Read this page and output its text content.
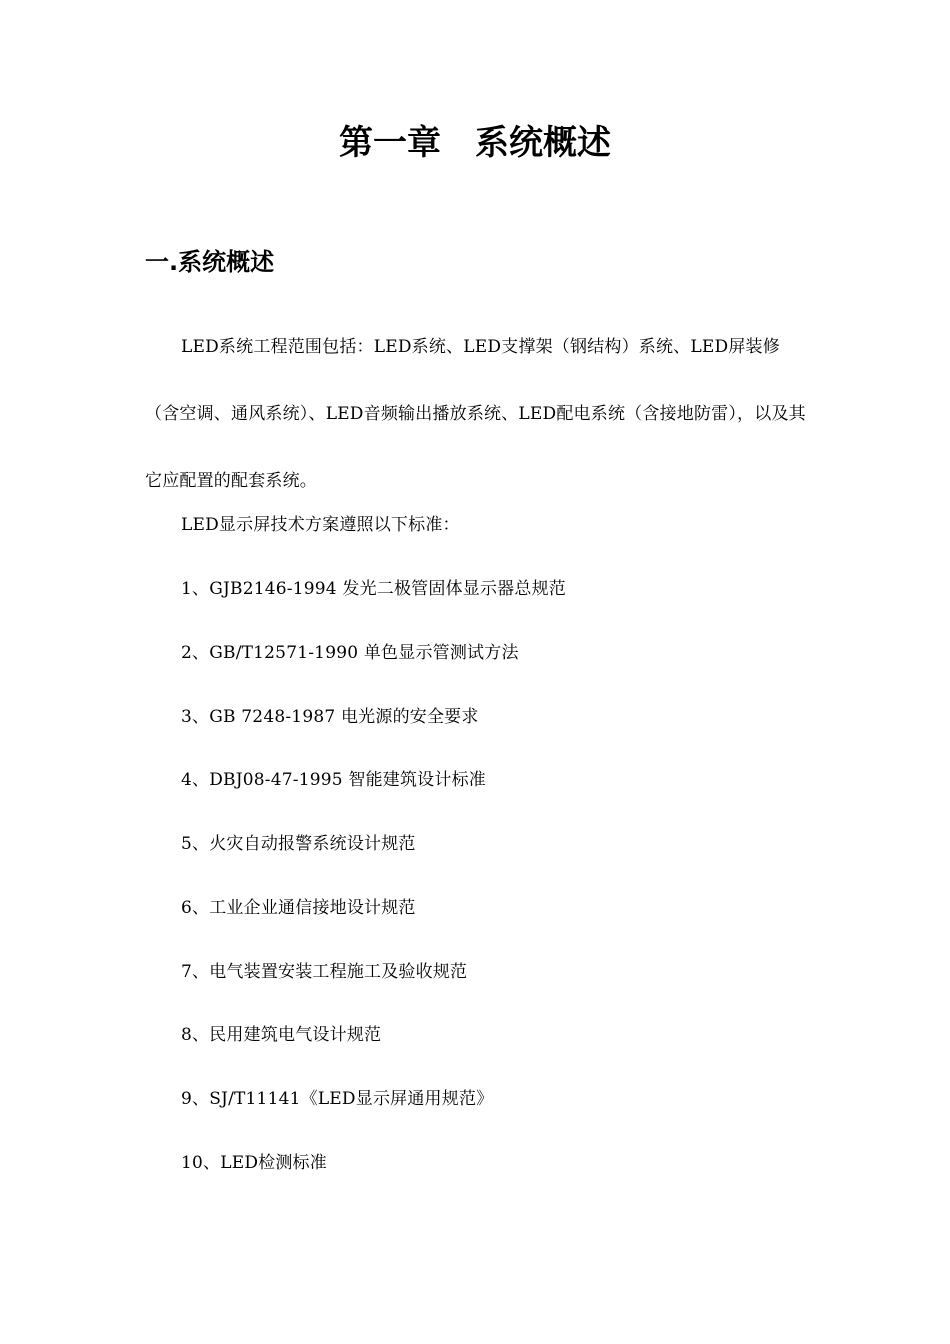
第一章　系统概述
一.系统概述

LED系统工程范围包括：LED系统、LED支撑架（钢结构）系统、LED屏装修（含空调、通风系统）、LED音频输出播放系统、LED配电系统（含接地防雷），以及其它应配置的配套系统。

LED显示屏技术方案遵照以下标准：
1、GJB2146-1994 发光二极管固体显示器总规范
2、GB/T12571-1990 单色显示管测试方法
3、GB 7248-1987 电光源的安全要求
4、DBJ08-47-1995 智能建筑设计标准
5、火灾自动报警系统设计规范
6、工业企业通信接地设计规范
7、电气装置安装工程施工及验收规范
8、民用建筑电气设计规范
9、SJ/T11141《LED显示屏通用规范》
10、LED检测标准
